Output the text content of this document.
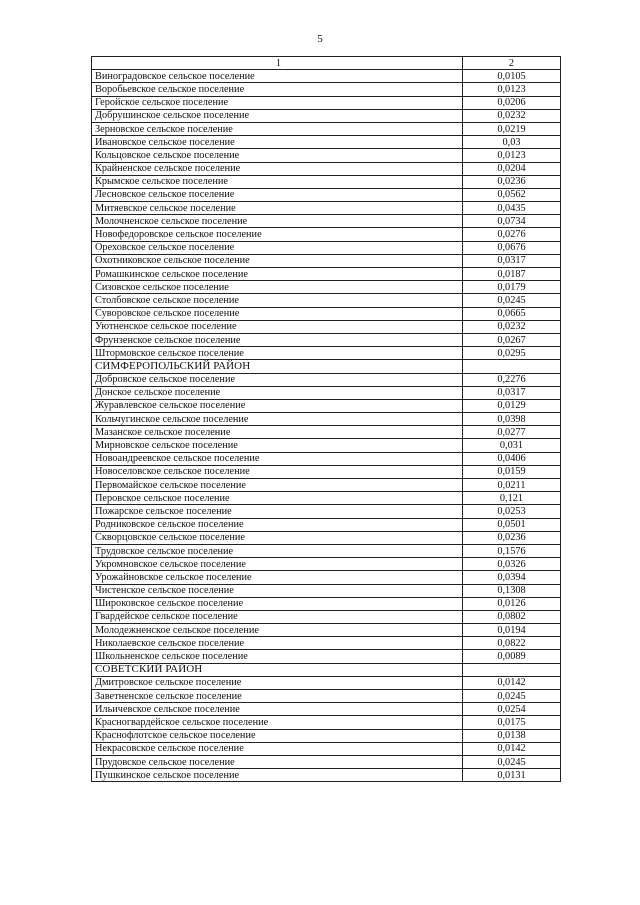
5
1	2
Виноградовское сельское поселение	0,0105
Воробьевское сельское поселение	0,0123
Геройское сельское поселение	0,0206
Добрушинское сельское поселение	0,0232
Зерновское сельское поселение	0,0219
Ивановское сельское поселение	0,03
Кольцовское сельское поселение	0,0123
Крайненское сельское поселение	0,0204
Крымское сельское поселение	0,0236
Лесновское сельское поселение	0,0562
Митяевское сельское поселение	0,0435
Молочненское сельское поселение	0,0734
Новофедоровское сельское поселение	0,0276
Ореховское сельское поселение	0,0676
Охотниковское сельское поселение	0,0317
Ромашкинское сельское поселение	0,0187
Сизовское сельское поселение	0,0179
Столбовское сельское поселение	0,0245
Суворовское сельское поселение	0,0665
Уютненское сельское поселение	0,0232
Фрунзенское сельское поселение	0,0267
Штормовское сельское поселение	0,0295
СИМФЕРОПОЛЬСКИЙ РАЙОН	
Добровское сельское поселение	0,2276
Донское сельское поселение	0,0317
Журавлевское сельское поселение	0,0129
Кольчугинское сельское поселение	0,0398
Мазанское сельское поселение	0,0277
Мирновское сельское поселение	0,031
Новоандреевское сельское поселение	0,0406
Новоселовское сельское поселение	0,0159
Первомайское сельское поселение	0,0211
Перовское сельское поселение	0,121
Пожарское сельское поселение	0,0253
Родниковское сельское поселение	0,0501
Скворцовское сельское поселение	0,0236
Трудовское сельское поселение	0,1576
Укромновское сельское поселение	0,0326
Урожайновское сельское поселение	0,0394
Чистенское сельское поселение	0,1308
Широковское сельское поселение	0,0126
Гвардейское сельское поселение	0,0802
Молодежненское сельское поселение	0,0194
Николаевское сельское поселение	0,0822
Школьненское сельское поселение	0,0089
СОВЕТСКИЙ РАЙОН	
Дмитровское сельское поселение	0,0142
Заветненское сельское поселение	0,0245
Ильичевское сельское поселение	0,0254
Красногвардейское сельское поселение	0,0175
Краснофлотское сельское поселение	0,0138
Некрасовское сельское поселение	0,0142
Прудовское сельское поселение	0,0245
Пушкинское сельское поселение	0,0131
